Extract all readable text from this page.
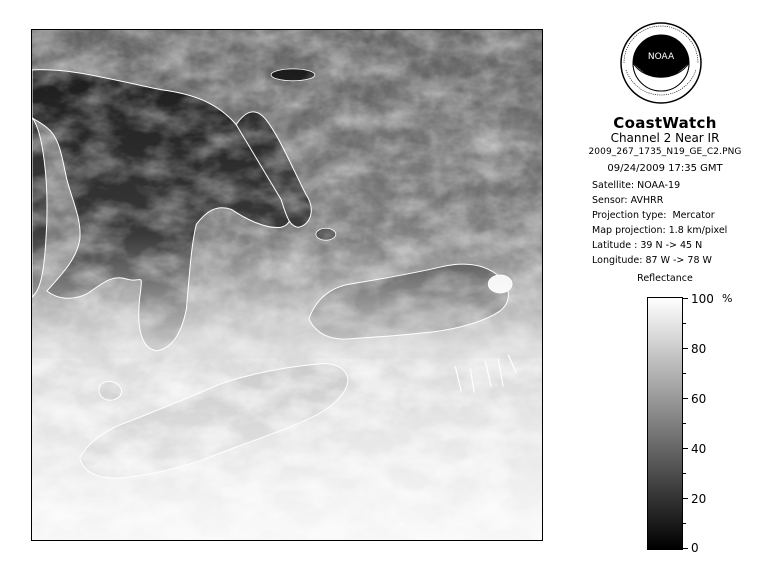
NOAA
CoastWatch
Channel 2 Near IR
2009_267_1735_N19_GE_C2.PNG
09/24/2009 17:35 GMT
Satellite: NOAA-19
Sensor: AVHRR
Projection type:  Mercator
Map projection: 1.8 km/pixel
Latitude : 39 N -> 45 N
Longitude: 87 W -> 78 W
Reflectance
%
100
80
60
40
20
0
